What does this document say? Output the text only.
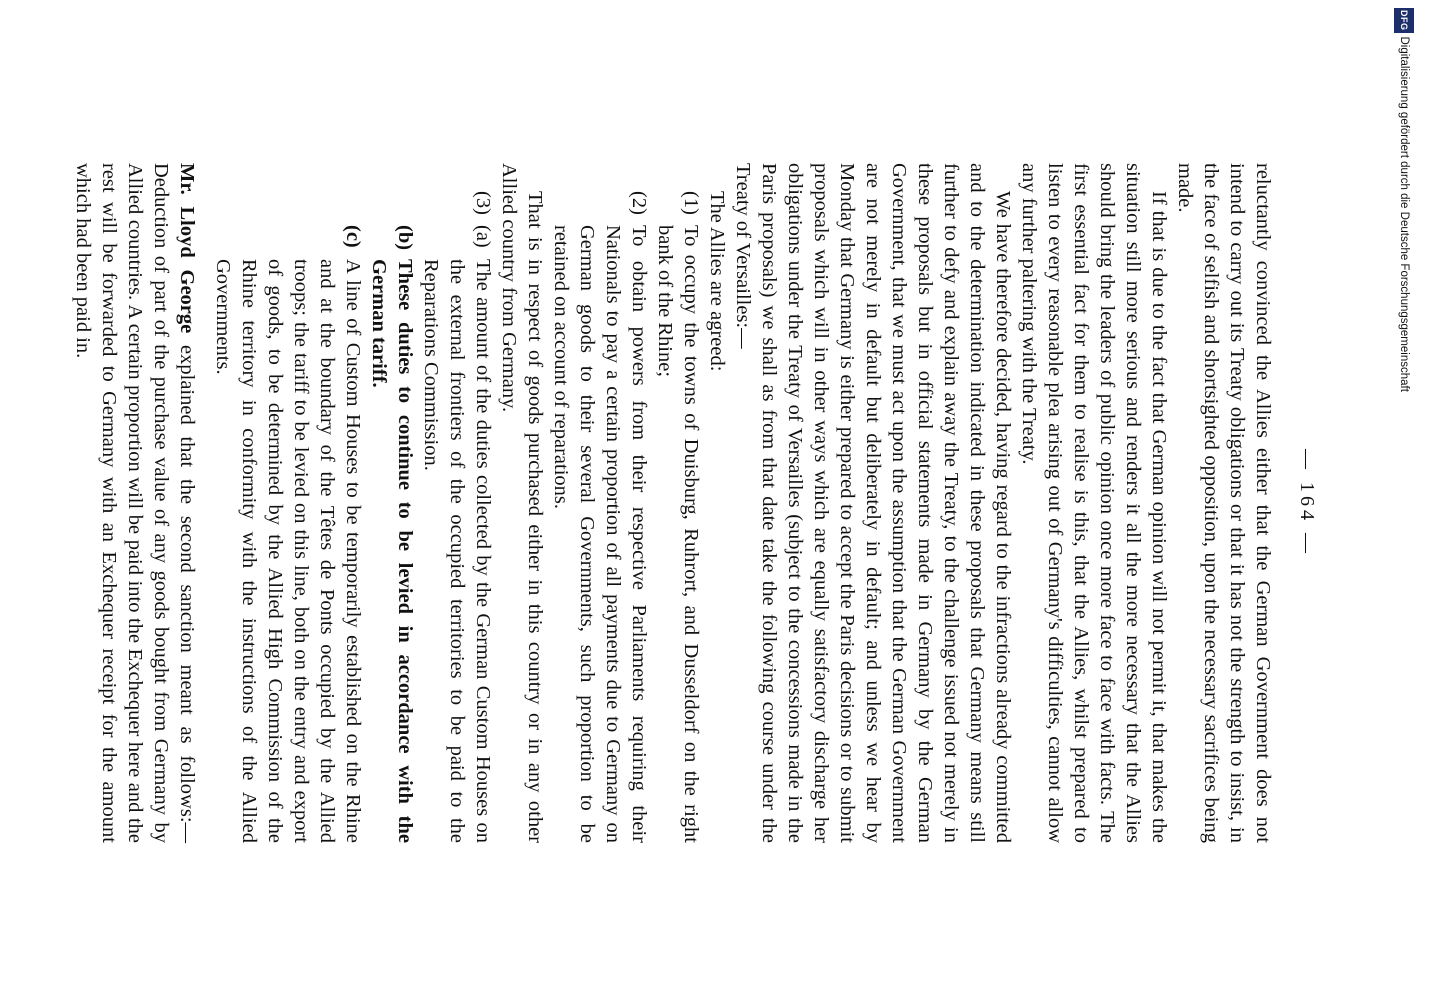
— 164 —

reluctantly convinced the Allies either that the German Government does not intend to carry out its Treaty obligations or that it has not the strength to insist, in the face of selfish and shortsighted opposition, upon the necessary sacrifices being made.

If that is due to the fact that German opinion will not permit it, that makes the situation still more serious and renders it all the more necessary that the Allies should bring the leaders of public opinion once more face to face with facts. The first essential fact for them to realise is this, that the Allies, whilst prepared to listen to every reasonable plea arising out of Germany's difficulties, cannot allow any further paltering with the Treaty.

We have therefore decided, having regard to the infractions already committed and to the determination indicated in these proposals that Germany means still further to defy and explain away the Treaty, to the challenge issued not merely in these proposals but in official statements made in Germany by the German Government, that we must act upon the assumption that the German Government are not merely in default but deliberately in default; and unless we hear by Monday that Germany is either prepared to accept the Paris decisions or to submit proposals which will in other ways which are equally satisfactory discharge her obligations under the Treaty of Versailles (subject to the concessions made in the Paris proposals) we shall as from that date take the following course under the Treaty of Versailles:—

The Allies are agreed:

(1)
To occupy the towns of Duisburg, Ruhrort, and Dusseldorf on the right bank of the Rhine;
(2)
To obtain powers from their respective Parliaments requiring their Nationals to pay a certain proportion of all payments due to Germany on German goods to their several Governments, such proportion to be retained on account of reparations.

That is in respect of goods purchased either in this country or in any other Allied country from Germany.

(3)
(a)
The amount of the duties collected by the German Custom Houses on the external frontiers of the occupied territories to be paid to the Reparations Commission.
(b)
These duties to continue to be levied in accordance with the German tariff.
(c)
A line of Custom Houses to be temporarily established on the Rhine and at the boundary of the Têtes de Ponts occupied by the Allied troops; the tariff to be levied on this line, both on the entry and export of goods, to be determined by the Allied High Commission of the Rhine territory in conformity with the instructions of the Allied Governments.

Mr. Lloyd George explained that the second sanction meant as follows:— Deduction of part of the purchase value of any goods bought from Germany by Allied countries. A certain proportion will be paid into the Exchequer here and the rest will be forwarded to Germany with an Exchequer receipt for the amount which had been paid in.

DFGDigitalisierung gefördert durch die Deutsche Forschungsgemeinschaft
